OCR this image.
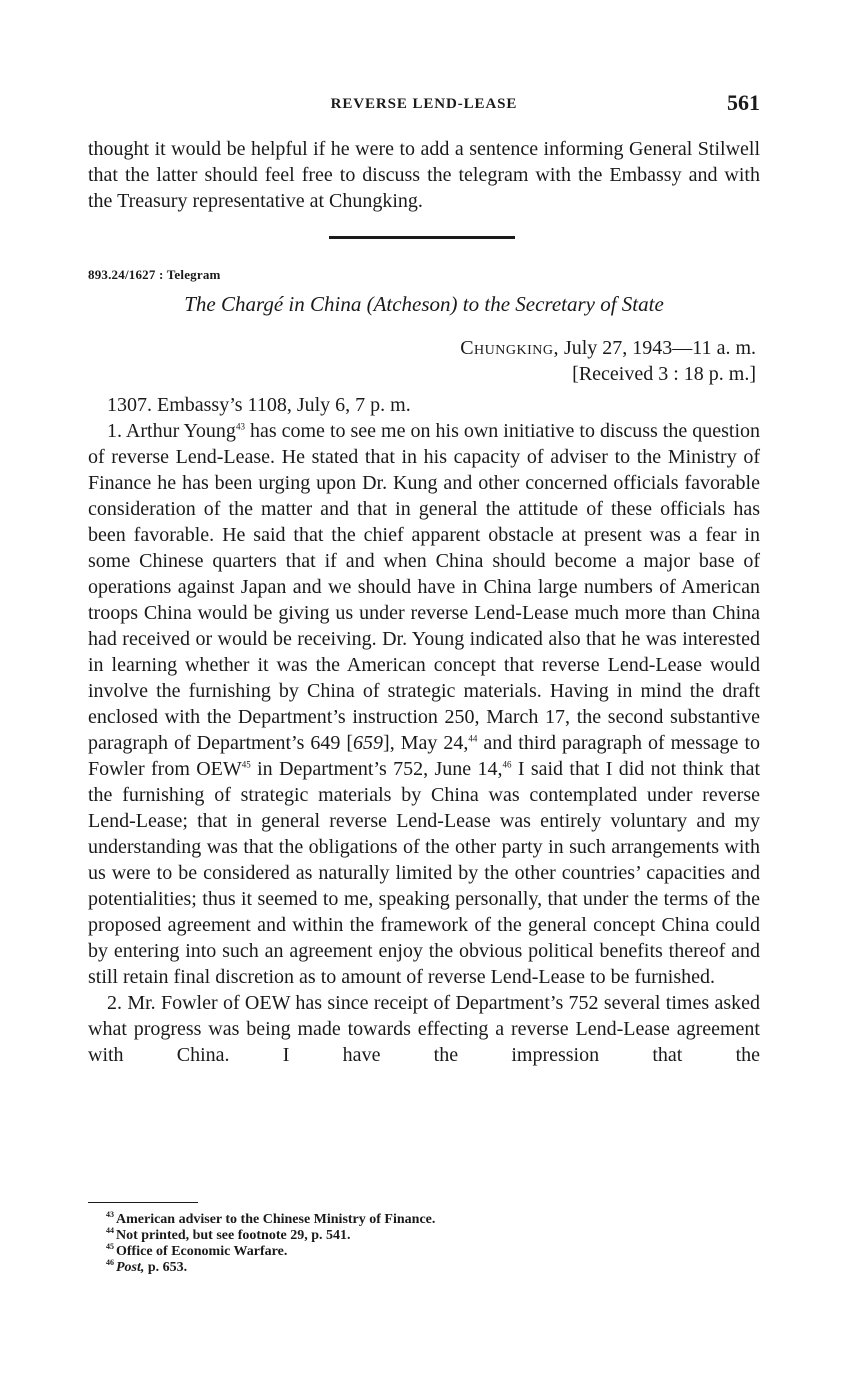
REVERSE LEND-LEASE	561

thought it would be helpful if he were to add a sentence informing General Stilwell that the latter should feel free to discuss the telegram with the Embassy and with the Treasury representative at Chungking.

893.24/1627 : Telegram
The Chargé in China (Atcheson) to the Secretary of State
Chungking, July 27, 1943—11 a. m.
[Received 3 : 18 p. m.]
1307. Embassy’s 1108, July 6, 7 p. m.

1. Arthur Young$^{43}$ has come to see me on his own initiative to discuss the question of reverse Lend-Lease. He stated that in his capacity of adviser to the Ministry of Finance he has been urging upon Dr. Kung and other concerned officials favorable consideration of the matter and that in general the attitude of these officials has been favorable. He said that the chief apparent obstacle at present was a fear in some Chinese quarters that if and when China should become a major base of operations against Japan and we should have in China large numbers of American troops China would be giving us under reverse Lend-Lease much more than China had received or would be receiving. Dr. Young indicated also that he was interested in learning whether it was the American concept that reverse Lend-Lease would involve the furnishing by China of strategic materials. Having in mind the draft enclosed with the Department’s instruction 250, March 17, the second substantive paragraph of Department’s 649 [659], May 24,44 and third paragraph of message to Fowler from OEW$^{45}$ in Department’s 752, June 14,46 I said that I did not think that the furnishing of strategic materials by China was contemplated under reverse Lend-Lease; that in general reverse Lend-Lease was entirely voluntary and my understanding was that the obligations of the other party in such arrangements with us were to be considered as naturally limited by the other countries’ capacities and potentialities; thus it seemed to me, speaking personally, that under the terms of the proposed agreement and within the framework of the general concept China could by entering into such an agreement enjoy the obvious political benefits thereof and still retain final discretion as to amount of reverse Lend-Lease to be furnished.

2. Mr. Fowler of OEW has since receipt of Department’s 752 several times asked what progress was being made towards effecting a reverse Lend-Lease agreement with China. I have the impression that the

$^{43}$ American adviser to the Chinese Ministry of Finance.

$^{44}$ Not printed, but see footnote 29, p. 541.

$^{45}$ Office of Economic Warfare.

$^{46}$ Post, p. 653.
